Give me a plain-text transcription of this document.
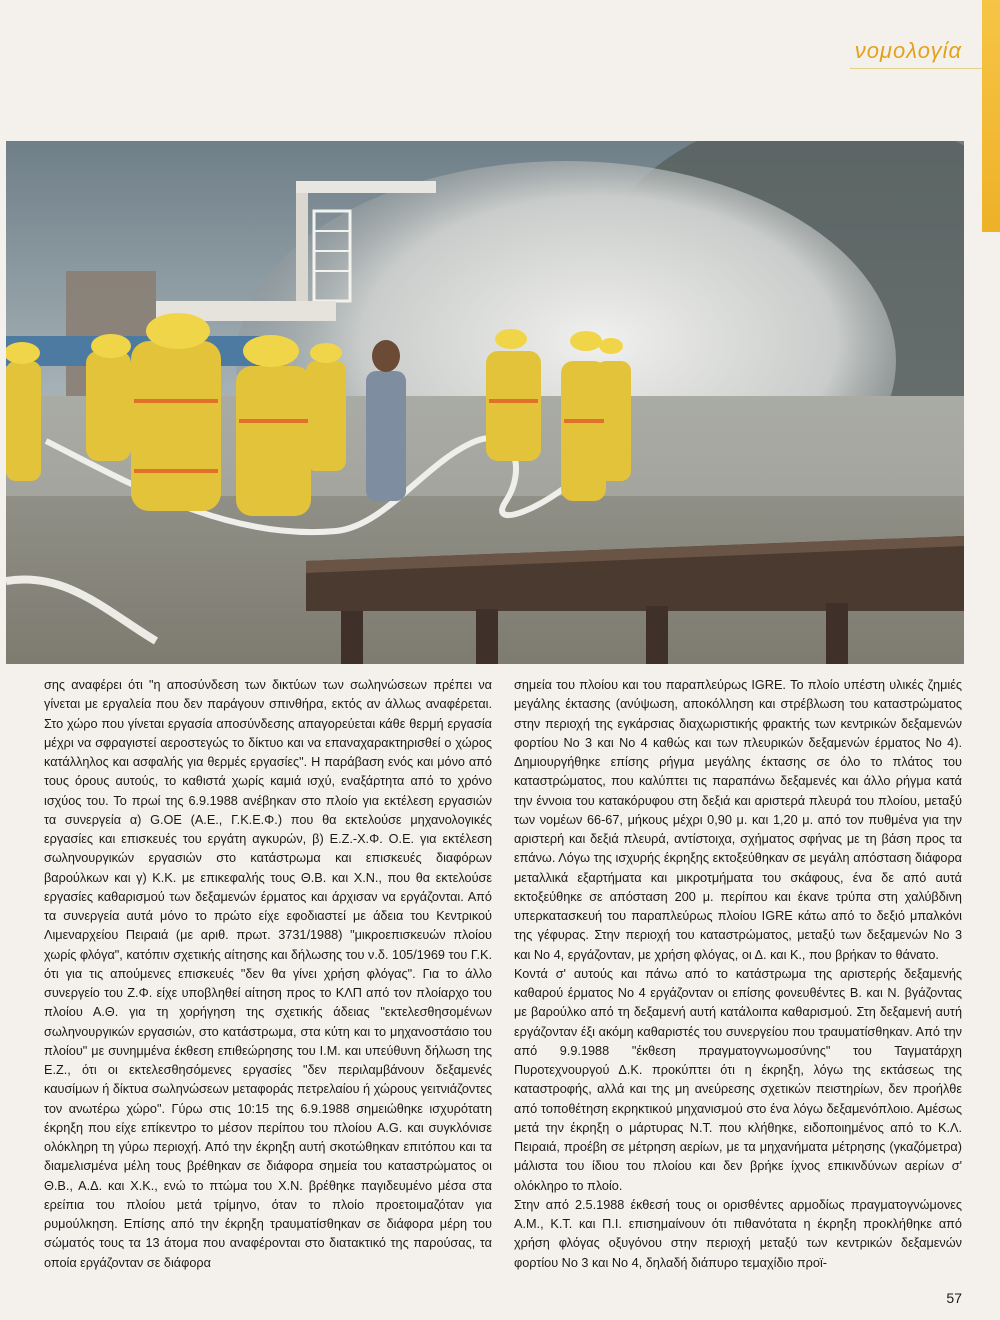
νομολογία

σης αναφέρει ότι "η αποσύνδεση των δικτύων των σωληνώσεων πρέπει να γίνεται με εργαλεία που δεν παράγουν σπινθήρα, εκτός αν άλλως αναφέρεται. Στο χώρο που γίνεται εργασία αποσύνδεσης απαγορεύεται κάθε θερμή εργασία μέχρι να σφραγιστεί αεροστεγώς το δίκτυο και να επαναχαρακτηρισθεί ο χώρος κατάλληλος και ασφαλής για θερμές εργασίες". Η παράβαση ενός και μόνο από τους όρους αυτούς, το καθιστά χωρίς καμιά ισχύ, εναξάρτητα από το χρόνο ισχύος του. Το πρωί της 6.9.1988 ανέβηκαν στο πλοίο για εκτέλεση εργασιών τα συνεργεία α) G.OE (Α.Ε., Γ.Κ.Ε.Φ.) που θα εκτελούσε μηχανολογικές εργασίες και επισκευές του εργάτη αγκυρών, β) Ε.Ζ.-Χ.Φ. Ο.Ε. για εκτέλεση σωληνουργικών εργασιών στο κατάστρωμα και επισκευές διαφόρων βαρούλκων και γ) Κ.Κ. με επικεφαλής τους Θ.Β. και Χ.Ν., που θα εκτελούσε εργασίες καθαρισμού των δεξαμενών έρματος και άρχισαν να εργάζονται. Από τα συνεργεία αυτά μόνο το πρώτο είχε εφοδιαστεί με άδεια του Κεντρικού Λιμεναρχείου Πειραιά (με αριθ. πρωτ. 3731/1988) "μικροεπισκευών πλοίου χωρίς φλόγα", κατόπιν σχετικής αίτησης και δήλωσης του ν.δ. 105/1969 του Γ.Κ. ότι για τις απούμενες επισκευές "δεν θα γίνει χρήση φλόγας". Για το άλλο συνεργείο του Ζ.Φ. είχε υποβληθεί αίτηση προς το ΚΛΠ από τον πλοίαρχο του πλοίου Α.Θ. για τη χορήγηση της σχετικής άδειας "εκτελεσθησομένων σωληνουργικών εργασιών, στο κατάστρωμα, στα κύτη και το μηχανοστάσιο του πλοίου" με συνημμένα έκθεση επιθεώρησης του Ι.Μ. και υπεύθυνη δήλωση της Ε.Ζ., ότι οι εκτελεσθησόμενες εργασίες "δεν περιλαμβάνουν δεξαμενές καυσίμων ή δίκτυα σωληνώσεων μεταφοράς πετρελαίου ή χώρους γειτνιάζοντες τον ανωτέρω χώρο". Γύρω στις 10:15 της 6.9.1988 σημειώθηκε ισχυρότατη έκρηξη που είχε επίκεντρο το μέσον περίπου του πλοίου A.G. και συγκλόνισε ολόκληρη τη γύρω περιοχή. Από την έκρηξη αυτή σκοτώθηκαν επιτόπου και τα διαμελισμένα μέλη τους βρέθηκαν σε διάφορα σημεία του καταστρώματος οι Θ.Β., Α.Δ. και Χ.Κ., ενώ το πτώμα του Χ.Ν. βρέθηκε παγιδευμένο μέσα στα ερείπια του πλοίου μετά τρίμηνο, όταν το πλοίο προετοιμαζόταν για ρυμούλκηση. Επίσης από την έκρηξη τραυματίσθηκαν σε διάφορα μέρη του σώματός τους τα 13 άτομα που αναφέρονται στο διατακτικό της παρούσας, τα οποία εργάζονταν σε διάφορα

σημεία του πλοίου και του παραπλεύρως IGRE. Το πλοίο υπέστη υλικές ζημιές μεγάλης έκτασης (ανύψωση, αποκόλληση και στρέβλωση του καταστρώματος στην περιοχή της εγκάρσιας διαχωριστικής φρακτής των κεντρικών δεξαμενών φορτίου Νο 3 και Νο 4 καθώς και των πλευρικών δεξαμενών έρματος Νο 4). Δημιουργήθηκε επίσης ρήγμα μεγάλης έκτασης σε όλο το πλάτος του καταστρώματος, που καλύπτει τις παραπάνω δεξαμενές και άλλο ρήγμα κατά την έννοια του κατακόρυφου στη δεξιά και αριστερά πλευρά του πλοίου, μεταξύ των νομέων 66-67, μήκους μέχρι 0,90 μ. και 1,20 μ. από τον πυθμένα για την αριστερή και δεξιά πλευρά, αντίστοιχα, σχήματος σφήνας με τη βάση προς τα επάνω. Λόγω της ισχυρής έκρηξης εκτοξεύθηκαν σε μεγάλη απόσταση διάφορα μεταλλικά εξαρτήματα και μικροτμήματα του σκάφους, ένα δε από αυτά εκτοξεύθηκε σε απόσταση 200 μ. περίπου και έκανε τρύπα στη χαλύβδινη υπερκατασκευή του παραπλεύρως πλοίου IGRE κάτω από το δεξιό μπαλκόνι της γέφυρας. Στην περιοχή του καταστρώματος, μεταξύ των δεξαμενών Νο 3 και Νο 4, εργάζονταν, με χρήση φλόγας, οι Δ. και Κ., που βρήκαν το θάνατο.

Κοντά σ' αυτούς και πάνω από το κατάστρωμα της αριστερής δεξαμενής καθαρού έρματος Νο 4 εργάζονταν οι επίσης φονευθέντες Β. και Ν. βγάζοντας με βαρούλκο από τη δεξαμενή αυτή κατάλοιπα καθαρισμού. Στη δεξαμενή αυτή εργάζονταν έξι ακόμη καθαριστές του συνεργείου που τραυματίσθηκαν. Από την από 9.9.1988 "έκθεση πραγματογνωμοσύνης" του Ταγματάρχη Πυροτεχνουργού Δ.Κ. προκύπτει ότι η έκρηξη, λόγω της εκτάσεως της καταστροφής, αλλά και της μη ανεύρεσης σχετικών πειστηρίων, δεν προήλθε από τοποθέτηση εκρηκτικού μηχανισμού στο ένα λόγω δεξαμενόπλοιο. Αμέσως μετά την έκρηξη ο μάρτυρας Ν.Τ. που κλήθηκε, ειδοποιημένος από το Κ.Λ. Πειραιά, προέβη σε μέτρηση αερίων, με τα μηχανήματα μέτρησης (γκαζόμετρα) μάλιστα του ίδιου του πλοίου και δεν βρήκε ίχνος επικινδύνων αερίων σ' ολόκληρο το πλοίο.

Στην από 2.5.1988 έκθεσή τους οι ορισθέντες αρμοδίως πραγματογνώμονες Α.Μ., Κ.Τ. και Π.Ι. επισημαίνουν ότι πιθανότατα η έκρηξη προκλήθηκε από χρήση φλόγας οξυγόνου στην περιοχή μεταξύ των κεντρικών δεξαμενών φορτίου Νο 3 και Νο 4, δηλαδή διάπυρο τεμαχίδιο προϊ-

57
